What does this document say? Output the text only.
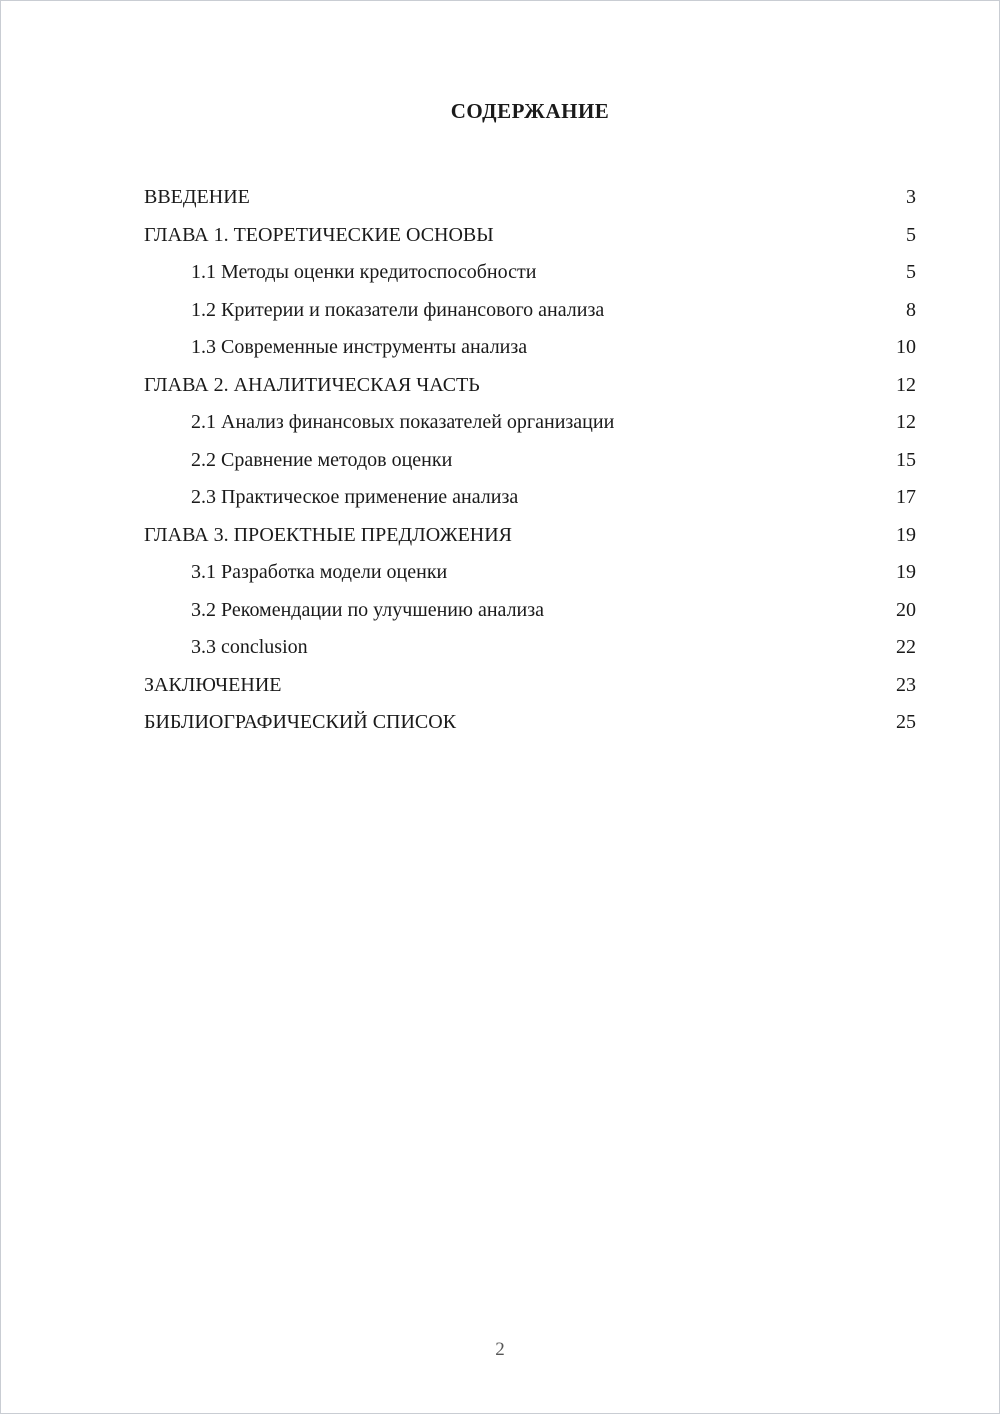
СОДЕРЖАНИЕ
ВВЕДЕНИЕ	3
ГЛАВА 1. ТЕОРЕТИЧЕСКИЕ ОСНОВЫ	5
1.1 Методы оценки кредитоспособности	5
1.2 Критерии и показатели финансового анализа	8
1.3 Современные инструменты анализа	10
ГЛАВА 2. АНАЛИТИЧЕСКАЯ ЧАСТЬ	12
2.1 Анализ финансовых показателей организации	12
2.2 Сравнение методов оценки	15
2.3 Практическое применение анализа	17
ГЛАВА 3. ПРОЕКТНЫЕ ПРЕДЛОЖЕНИЯ	19
3.1 Разработка модели оценки	19
3.2 Рекомендации по улучшению анализа	20
3.3 conclusion	22
ЗАКЛЮЧЕНИЕ	23
БИБЛИОГРАФИЧЕСКИЙ СПИСОК	25
2
